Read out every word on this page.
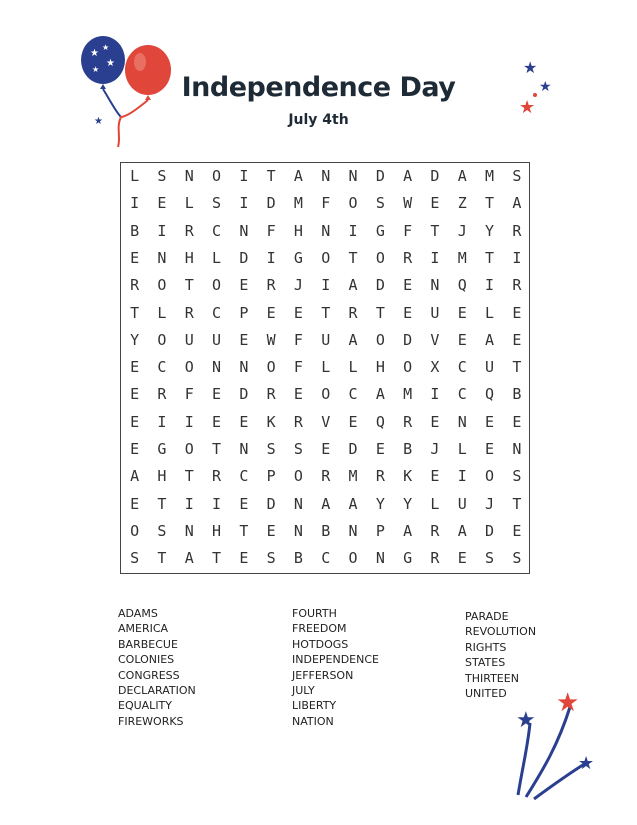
★
★
★
★
★
★
★
★
Independence Day
July 4th
L	S	N	O	I	T	A	N	N	D	A	D	A	M	S
I	E	L	S	I	D	M	F	O	S	W	E	Z	T	A
B	I	R	C	N	F	H	N	I	G	F	T	J	Y	R
E	N	H	L	D	I	G	O	T	O	R	I	M	T	I
R	O	T	O	E	R	J	I	A	D	E	N	Q	I	R
T	L	R	C	P	E	E	T	R	T	E	U	E	L	E
Y	O	U	U	E	W	F	U	A	O	D	V	E	A	E
E	C	O	N	N	O	F	L	L	H	O	X	C	U	T
E	R	F	E	D	R	E	O	C	A	M	I	C	Q	B
E	I	I	E	E	K	R	V	E	Q	R	E	N	E	E
E	G	O	T	N	S	S	E	D	E	B	J	L	E	N
A	H	T	R	C	P	O	R	M	R	K	E	I	O	S
E	T	I	I	E	D	N	A	A	Y	Y	L	U	J	T
O	S	N	H	T	E	N	B	N	P	A	R	A	D	E
S	T	A	T	E	S	B	C	O	N	G	R	E	S	S
ADAMS
AMERICA
BARBECUE
COLONIES
CONGRESS
DECLARATION
EQUALITY
FIREWORKS
FOURTH
FREEDOM
HOTDOGS
INDEPENDENCE
JEFFERSON
JULY
LIBERTY
NATION
PARADE
REVOLUTION
RIGHTS
STATES
THIRTEEN
UNITED
★
★
★
